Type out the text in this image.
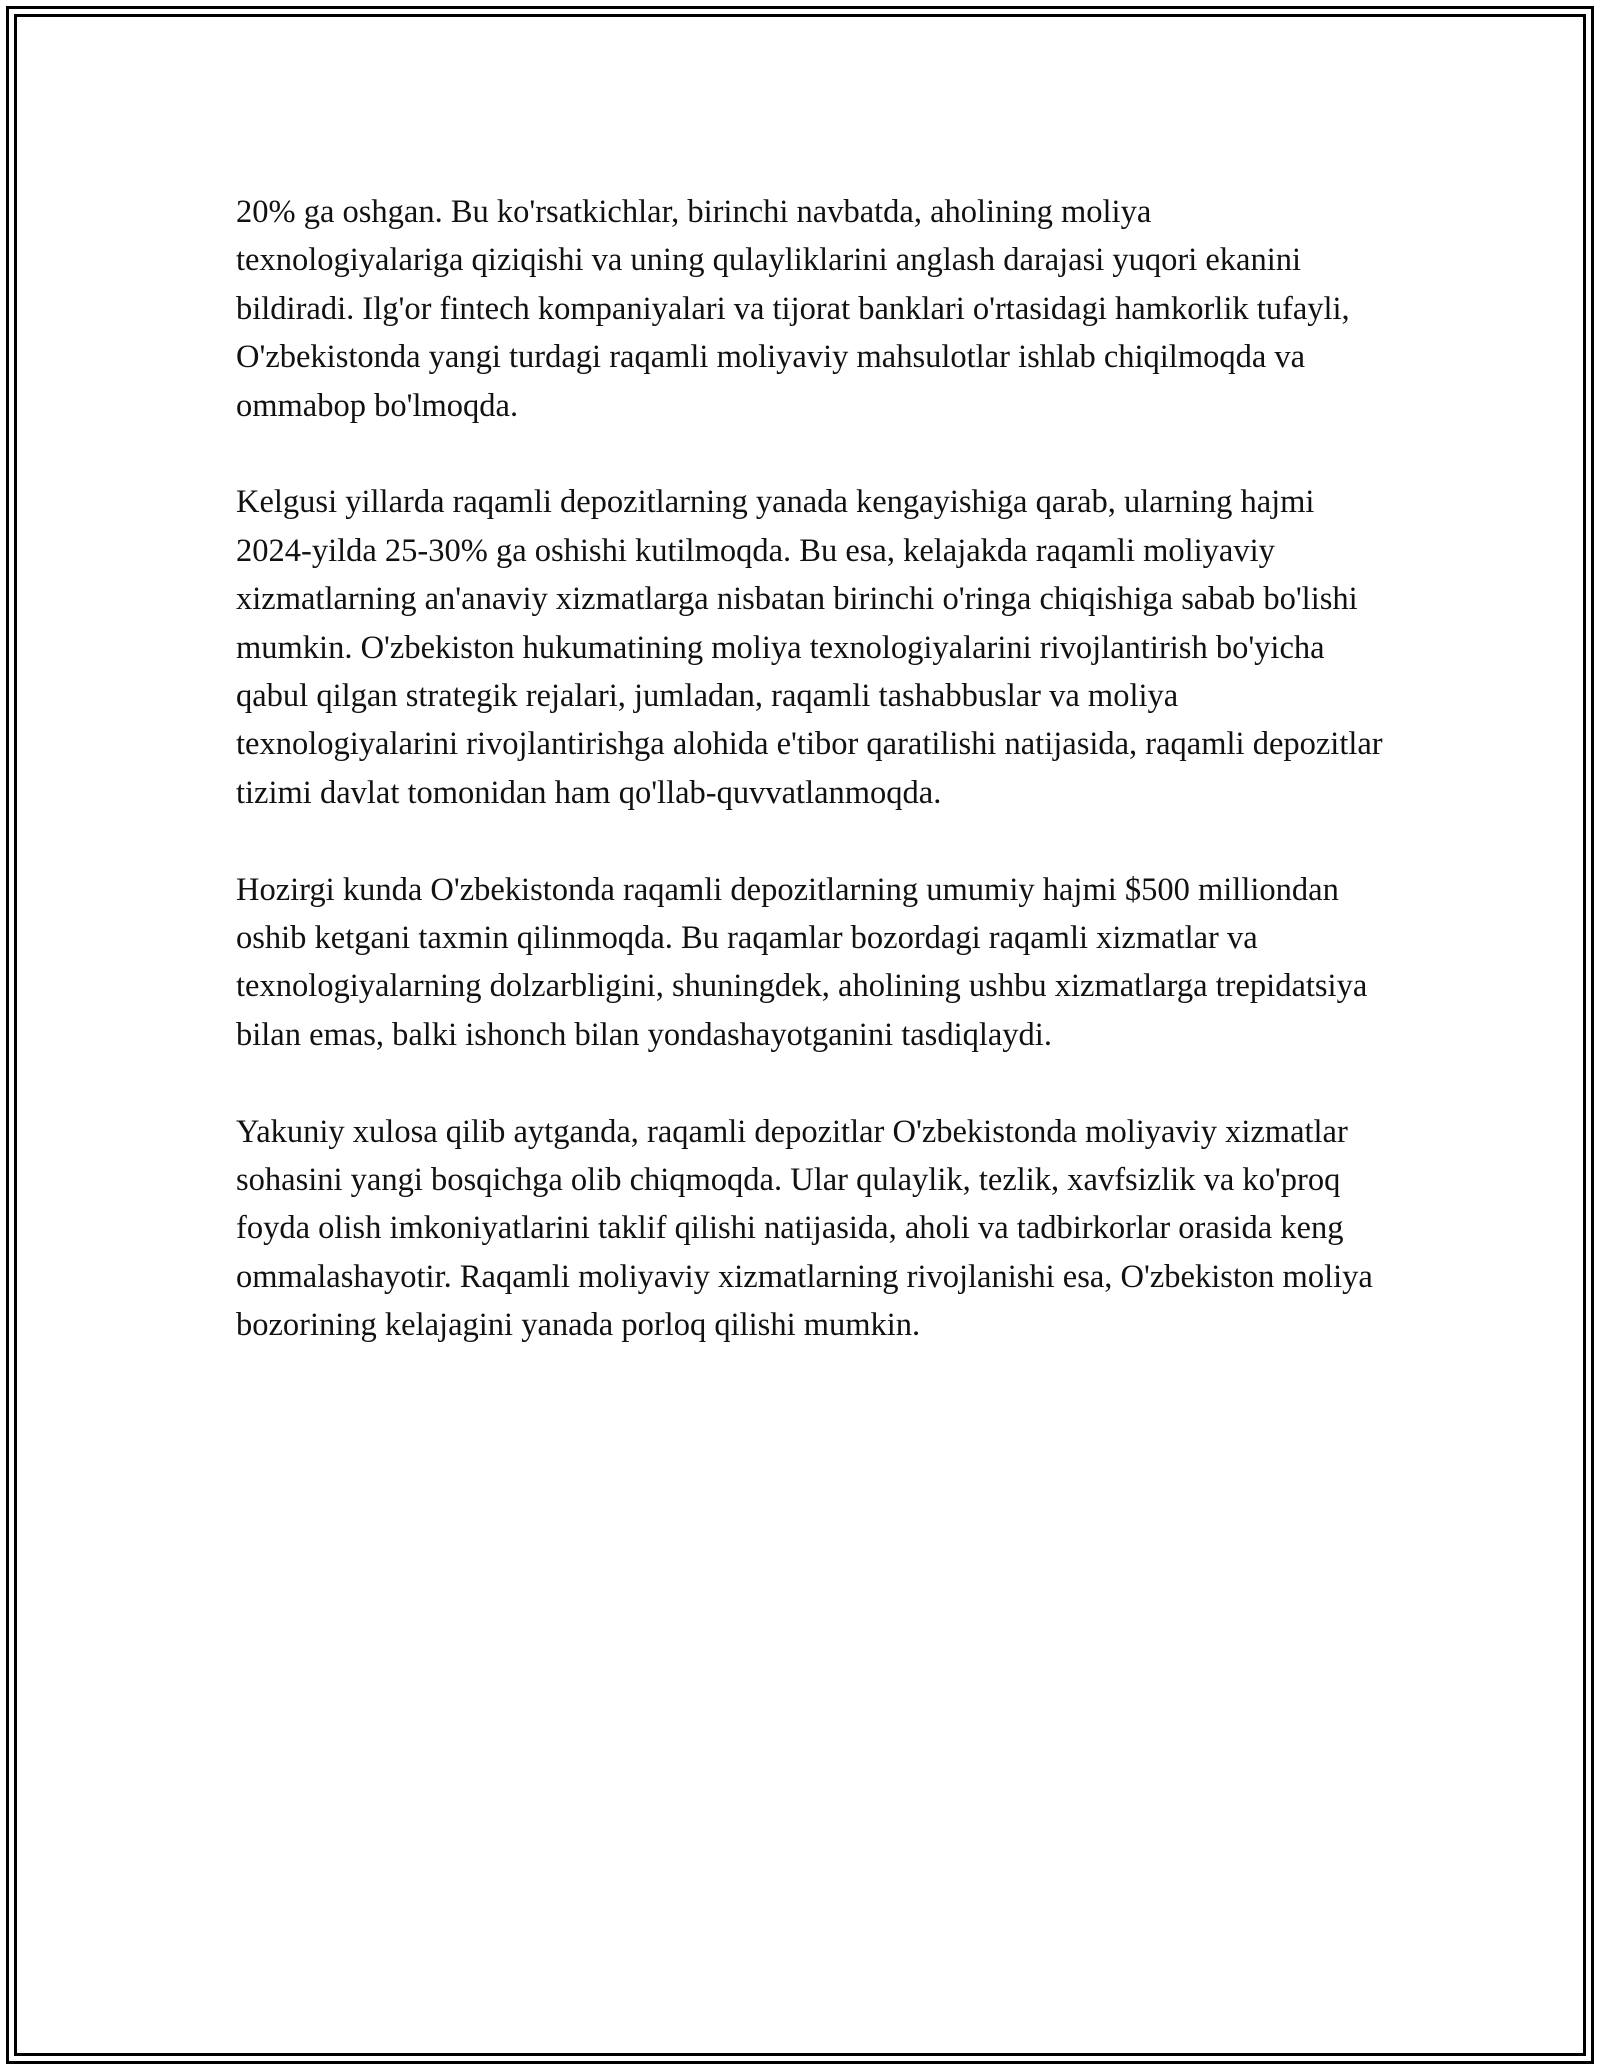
20% ga oshgan. Bu ko'rsatkichlar, birinchi navbatda, aholining moliya texnologiyalariga qiziqishi va uning qulayliklarini anglash darajasi yuqori ekanini bildiradi. Ilg'or fintech kompaniyalari va tijorat banklari o'rtasidagi hamkorlik tufayli, O'zbekistonda yangi turdagi raqamli moliyaviy mahsulotlar ishlab chiqilmoqda va ommabop bo'lmoqda.

Kelgusi yillarda raqamli depozitlarning yanada kengayishiga qarab, ularning hajmi 2024-yilda 25-30% ga oshishi kutilmoqda. Bu esa, kelajakda raqamli moliyaviy xizmatlarning an'anaviy xizmatlarga nisbatan birinchi o'ringa chiqishiga sabab bo'lishi mumkin. O'zbekiston hukumatining moliya texnologiyalarini rivojlantirish bo'yicha qabul qilgan strategik rejalari, jumladan, raqamli tashabbuslar va moliya texnologiyalarini rivojlantirishga alohida e'tibor qaratilishi natijasida, raqamli depozitlar tizimi davlat tomonidan ham qo'llab-quvvatlanmoqda.

Hozirgi kunda O'zbekistonda raqamli depozitlarning umumiy hajmi $500 milliondan oshib ketgani taxmin qilinmoqda. Bu raqamlar bozordagi raqamli xizmatlar va texnologiyalarning dolzarbligini, shuningdek, aholining ushbu xizmatlarga trepidatsiya bilan emas, balki ishonch bilan yondashayotganini tasdiqlaydi.

Yakuniy xulosa qilib aytganda, raqamli depozitlar O'zbekistonda moliyaviy xizmatlar sohasini yangi bosqichga olib chiqmoqda. Ular qulaylik, tezlik, xavfsizlik va ko'proq foyda olish imkoniyatlarini taklif qilishi natijasida, aholi va tadbirkorlar orasida keng ommalashayotir. Raqamli moliyaviy xizmatlarning rivojlanishi esa, O'zbekiston moliya bozorining kelajagini yanada porloq qilishi mumkin.
